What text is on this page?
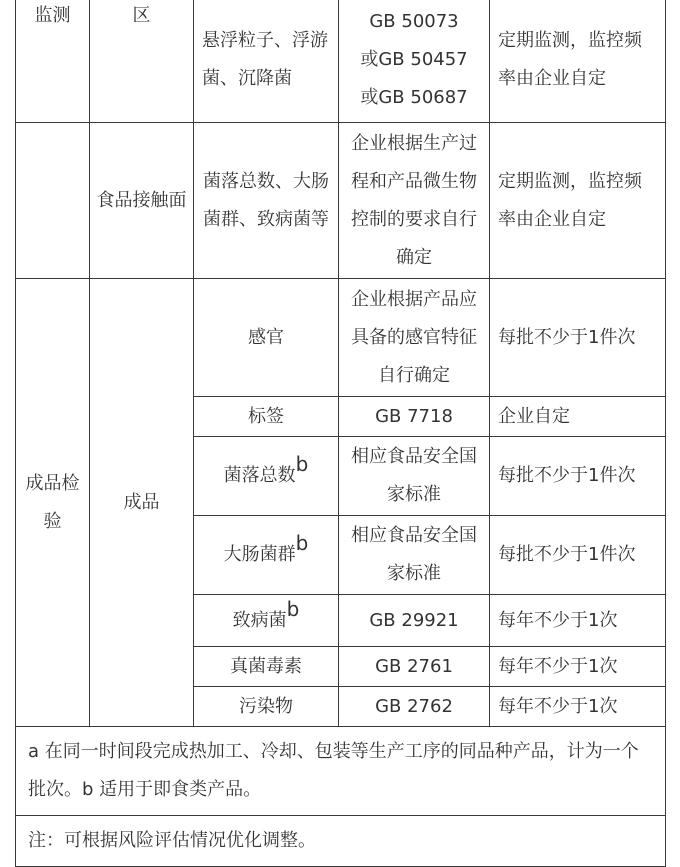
监测	区	悬浮粒子、浮游菌、沉降菌	GB 50073
或GB 50457
或GB 50687	定期监测，监控频率由企业自定
	食品接触面	菌落总数、大肠菌群、致病菌等	企业根据生产过程和产品微生物控制的要求自行确定	定期监测，监控频率由企业自定
成品检验	成品	感官	企业根据产品应具备的感官特征自行确定	每批不少于1件次
		标签	GB 7718	企业自定
		菌落总数b	相应食品安全国家标准	每批不少于1件次
		大肠菌群b	相应食品安全国家标准	每批不少于1件次
		致病菌b	GB 29921	每年不少于1次
		真菌毒素	GB 2761	每年不少于1次
		污染物	GB 2762	每年不少于1次
a 在同一时间段完成热加工、冷却、包装等生产工序的同品种产品，计为一个批次。b 适用于即食类产品。				
注：可根据风险评估情况优化调整。				
